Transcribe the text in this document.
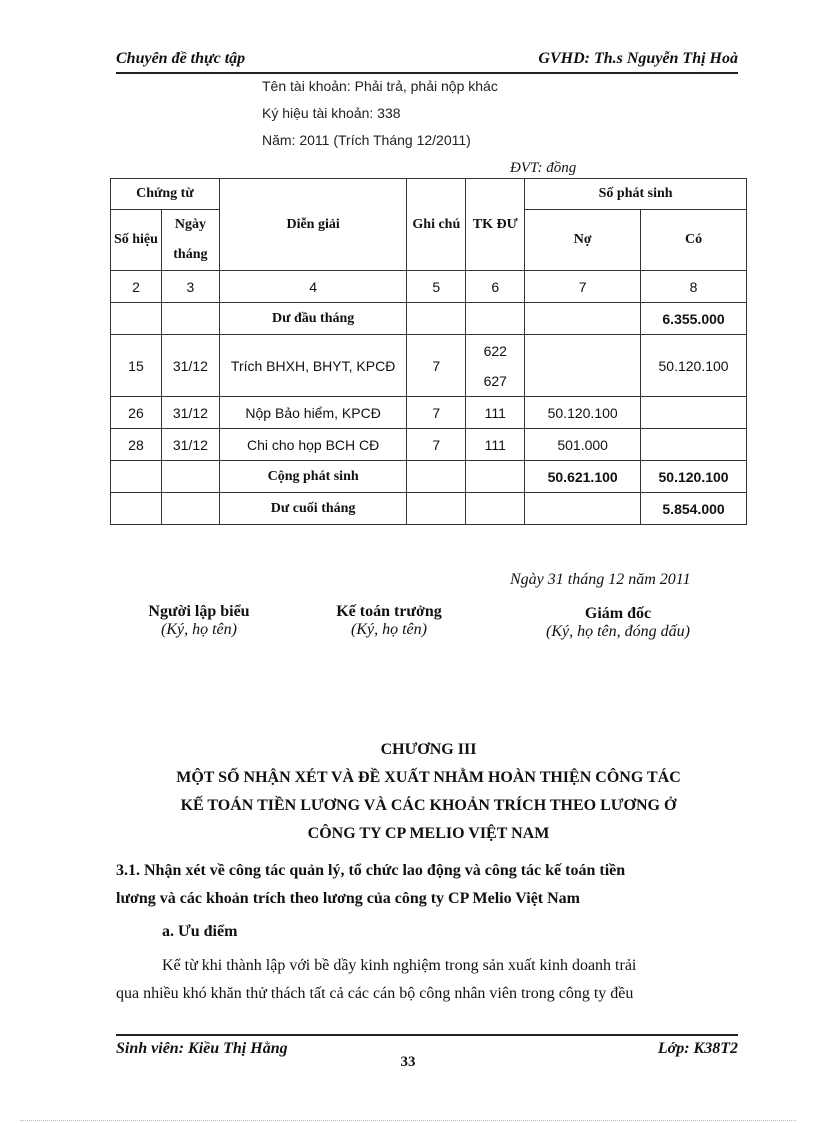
Chuyên đề thực tập	GVHD: Th.s Nguyễn Thị Hoà
Tên tài khoản: Phải trả, phải nộp khác
Ký hiệu tài khoản: 338
Năm: 2011 (Trích Tháng 12/2011)
ĐVT: đồng
Chứng từ		Diễn giải	Ghi chú	TK ĐƯ	Số phát sinh	
Số hiệu	Ngày tháng				Nợ	Có
2	3	4	5	6	7	8
		Dư đầu tháng				6.355.000
15	31/12	Trích BHXH, BHYT, KPCĐ	7	622 627		50.120.100
26	31/12	Nộp Bảo hiểm, KPCĐ	7	111	50.120.100	
28	31/12	Chi cho họp BCH CĐ	7	111	501.000	
		Cộng phát sinh			50.621.100	50.120.100
		Dư cuối tháng				5.854.000
Ngày 31 tháng 12 năm 2011
Người lập biểu
(Ký, họ tên)
Kế toán trưởng
(Ký, họ tên)
Giám đốc
(Ký, họ tên, đóng dấu)
CHƯƠNG III
MỘT SỐ NHẬN XÉT VÀ ĐỀ XUẤT NHẰM HOÀN THIỆN CÔNG TÁC
KẾ TOÁN TIỀN LƯƠNG VÀ CÁC KHOẢN TRÍCH THEO LƯƠNG Ở
CÔNG TY CP MELIO VIỆT NAM
3.1. Nhận xét về công tác quản lý, tổ chức lao động và công tác kế toán tiền
lương và các khoản trích theo lương của công ty CP Melio Việt Nam
a. Ưu điểm
Kể từ khi thành lập với bề dầy kinh nghiệm trong sản xuất kinh doanh trải
qua nhiều khó khăn thử thách tất cả các cán bộ công nhân viên trong công ty đều
Sinh viên: Kiều Thị Hằng	Lớp: K38T2
33
